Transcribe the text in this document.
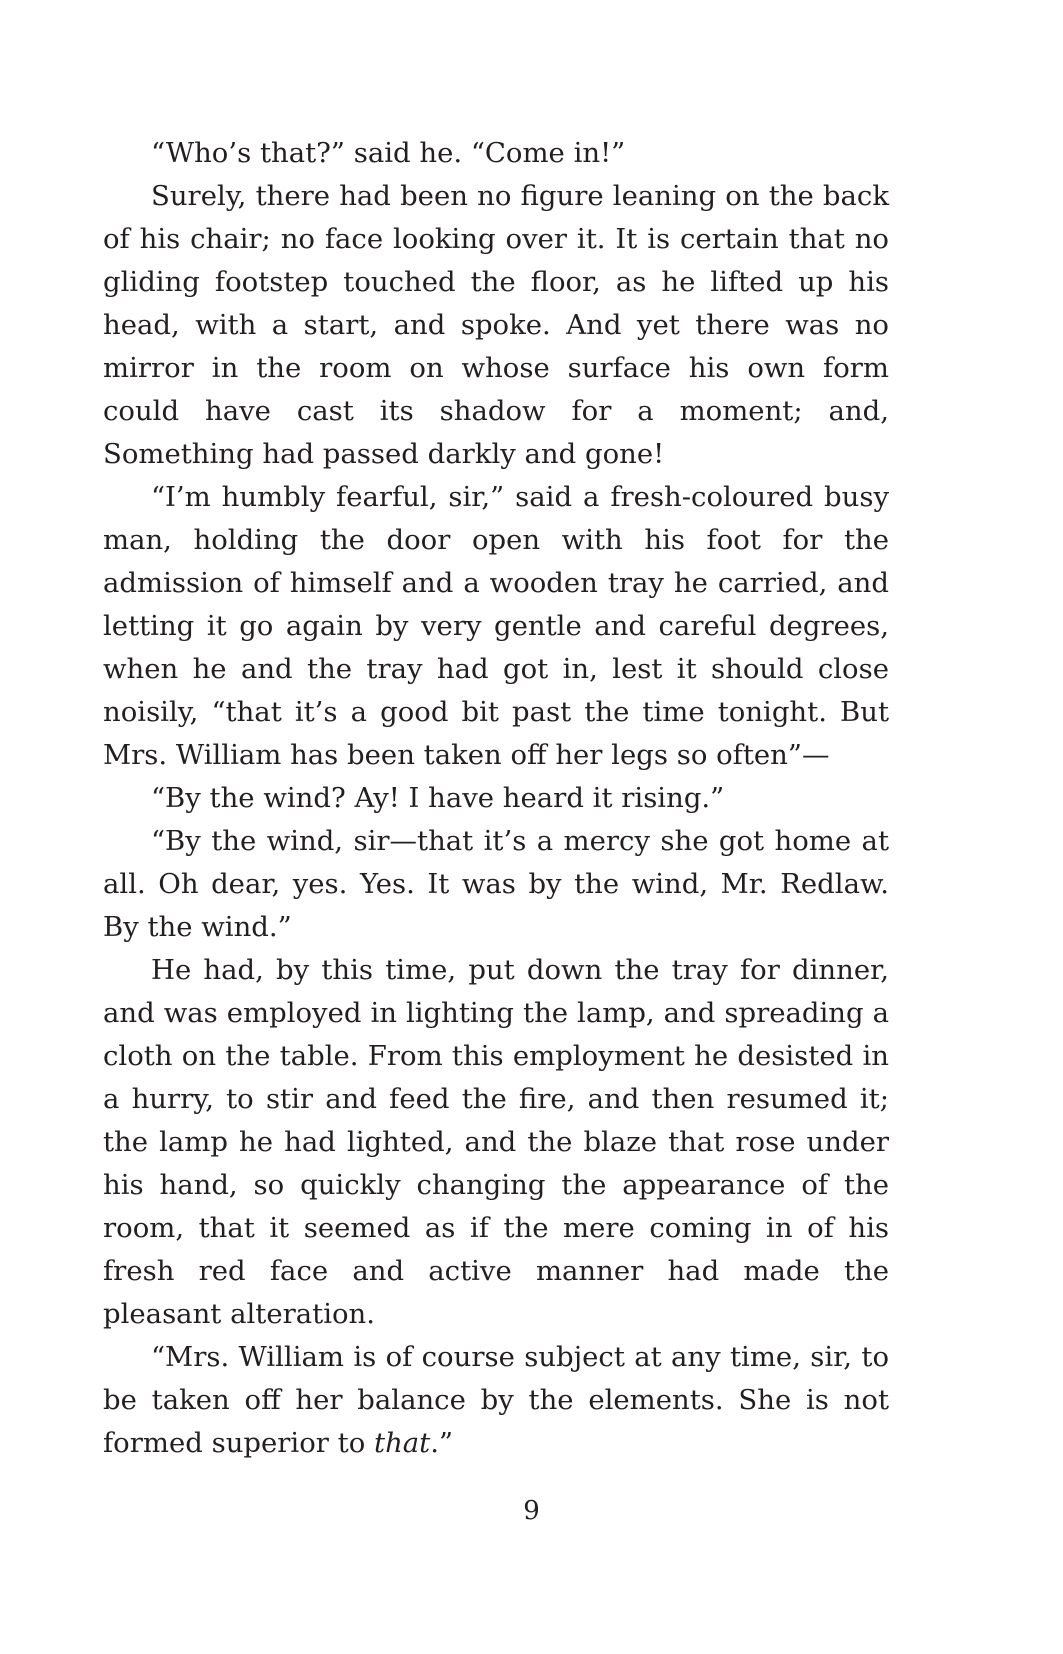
“Who’s that?” said he. “Come in!”

Surely, there had been no figure leaning on the back of his chair; no face looking over it. It is certain that no gliding footstep touched the floor, as he lifted up his head, with a start, and spoke. And yet there was no mirror in the room on whose surface his own form could have cast its shadow for a moment; and, Something had passed darkly and gone!

“I’m humbly fearful, sir,” said a fresh-coloured busy man, holding the door open with his foot for the admission of himself and a wooden tray he carried, and letting it go again by very gentle and careful degrees, when he and the tray had got in, lest it should close noisily, “that it’s a good bit past the time tonight. But Mrs. William has been taken off her legs so often”—

“By the wind? Ay! I have heard it rising.”

“By the wind, sir—that it’s a mercy she got home at all. Oh dear, yes. Yes. It was by the wind, Mr. Redlaw. By the wind.”

He had, by this time, put down the tray for dinner, and was employed in lighting the lamp, and spreading a cloth on the table. From this employment he desisted in a hurry, to stir and feed the fire, and then resumed it; the lamp he had lighted, and the blaze that rose under his hand, so quickly changing the appearance of the room, that it seemed as if the mere coming in of his fresh red face and active manner had made the pleasant alteration.

“Mrs. William is of course subject at any time, sir, to be taken off her balance by the elements. She is not formed superior to that.”

9
